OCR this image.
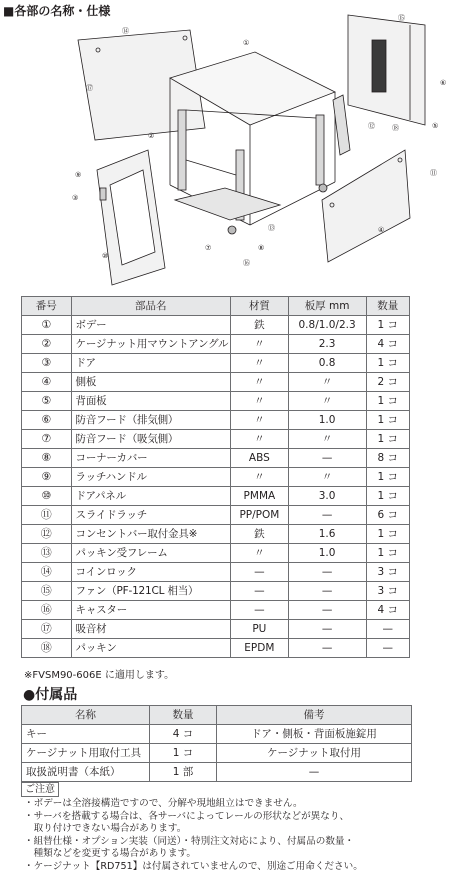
■各部の名称・仕様
⑭
⑰
①
②
⑨
③
⑩
⑦	⑧
⑯
⑬
⑮
⑥
⑤
⑱
⑫
⑪
④
番号	部品名	材質	板厚 mm	数量
①	ボデー	鉄	0.8/1.0/2.3	1 コ
②	ケージナット用マウントアングル	〃	2.3	4 コ
③	ドア	〃	0.8	1 コ
④	側板	〃	〃	2 コ
⑤	背面板	〃	〃	1 コ
⑥	防音フード（排気側）	〃	1.0	1 コ
⑦	防音フード（吸気側）	〃	〃	1 コ
⑧	コーナーカバー	ABS	—	8 コ
⑨	ラッチハンドル	〃	〃	1 コ
⑩	ドアパネル	PMMA	3.0	1 コ
⑪	スライドラッチ	PP/POM	—	6 コ
⑫	コンセントバー取付金具※	鉄	1.6	1 コ
⑬	パッキン受フレーム	〃	1.0	1 コ
⑭	コインロック	—	—	3 コ
⑮	ファン（PF-121CL 相当）	—	—	3 コ
⑯	キャスター	—	—	4 コ
⑰	吸音材	PU	—	—
⑱	パッキン	EPDM	—	—
※FVSM90-606E に適用します。
●付属品
名称	数量	備考
キー	4 コ	ドア・側板・背面板施錠用
ケージナット用取付工具	1 コ	ケージナット取付用
取扱説明書（本紙）	1 部	—
ご注意
・ボデーは全溶接構造ですので、分解や現地組立はできません。
・サーバを搭載する場合は、各サーバによってレールの形状などが異なり、
　取り付けできない場合があります。
・組替仕様・オプション実装（同送）・特別注文対応により、付属品の数量・
　種類などを変更する場合があります。
・ケージナット【RD751】は付属されていませんので、別途ご用命ください。
